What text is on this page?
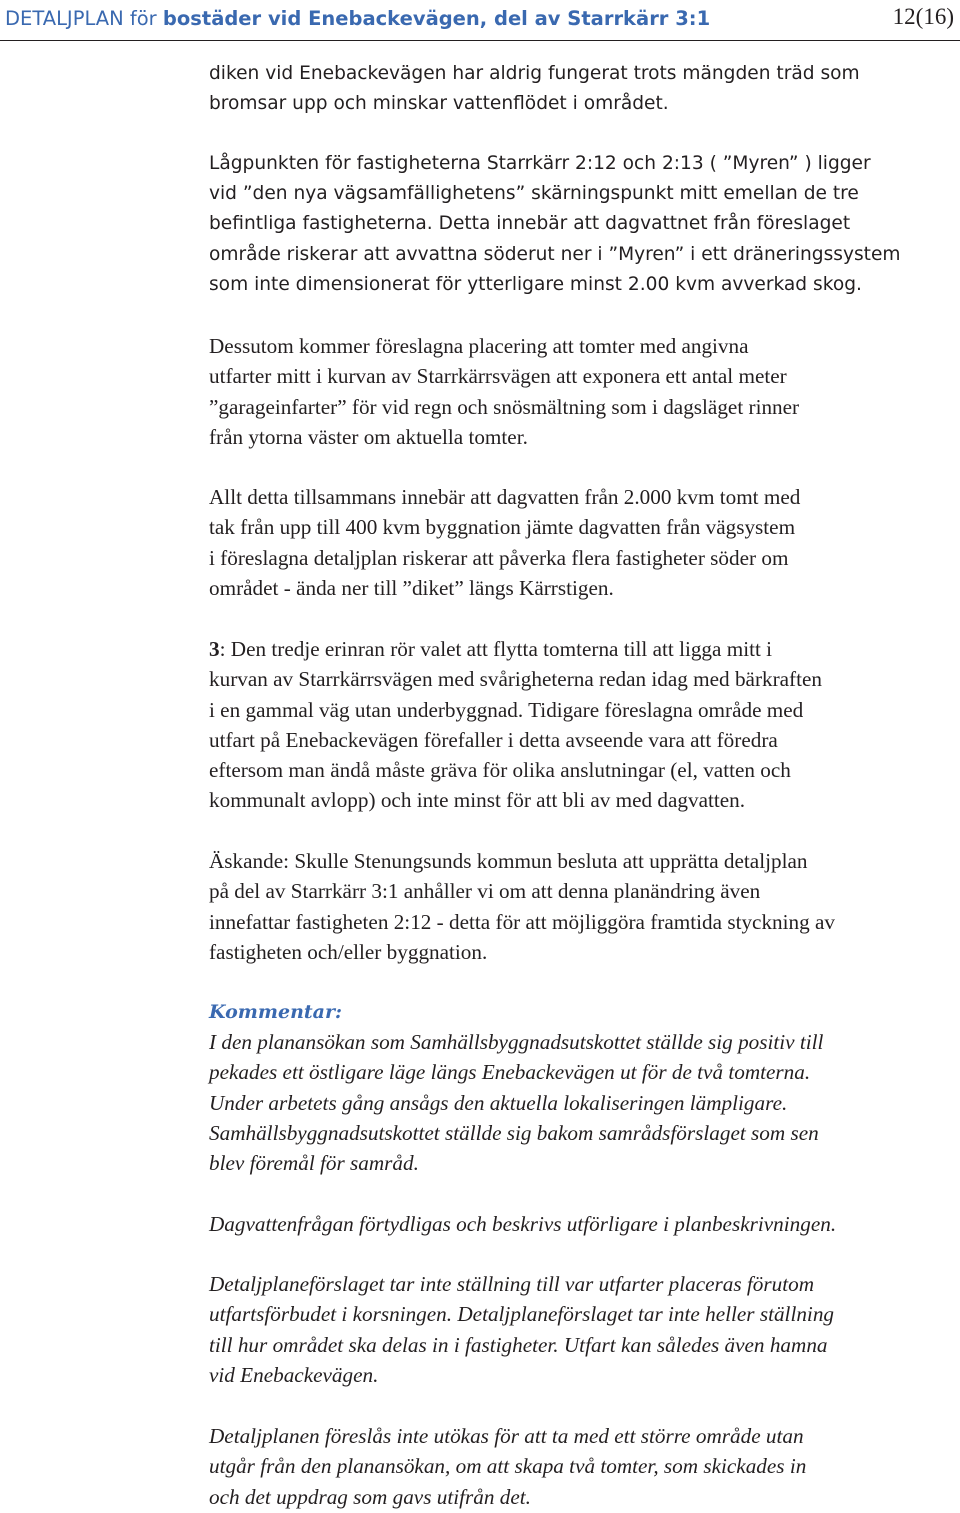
DETALJPLAN för bostäder vid Enebackevägen, del av Starrkärr 3:1	12(16)

diken vid Enebackevägen har aldrig fungerat trots mängden träd som
bromsar upp och minskar vattenflödet i området.

Lågpunkten för fastigheterna Starrkärr 2:12 och 2:13 ( ”Myren” ) ligger
vid ”den nya vägsamfällighetens” skärningspunkt mitt emellan de tre
befintliga fastigheterna. Detta innebär att dagvattnet från föreslaget
område riskerar att avvattna söderut ner i ”Myren” i ett dräneringssystem
som inte dimensionerat för ytterligare minst 2.00 kvm avverkad skog.

Dessutom kommer föreslagna placering att tomter med angivna
utfarter mitt i kurvan av Starrkärrsvägen att exponera ett antal meter
”garageinfarter” för vid regn och snösmältning som i dagsläget rinner
från ytorna väster om aktuella tomter.

Allt detta tillsammans innebär att dagvatten från 2.000 kvm tomt med
tak från upp till 400 kvm byggnation jämte dagvatten från vägsystem
i föreslagna detaljplan riskerar att påverka flera fastigheter söder om
området - ända ner till ”diket” längs Kärrstigen.

3: Den tredje erinran rör valet att flytta tomterna till att ligga mitt i
kurvan av Starrkärrsvägen med svårigheterna redan idag med bärkraften
i en gammal väg utan underbyggnad. Tidigare föreslagna område med
utfart på Enebackevägen förefaller i detta avseende vara att föredra
eftersom man ändå måste gräva för olika anslutningar (el, vatten och
kommunalt avlopp) och inte minst för att bli av med dagvatten.

Äskande: Skulle Stenungsunds kommun besluta att upprätta detaljplan
på del av Starrkärr 3:1 anhåller vi om att denna planändring även
innefattar fastigheten 2:12 - detta för att möjliggöra framtida styckning av
fastigheten och/eller byggnation.

Kommentar:

I den planansökan som Samhällsbyggnadsutskottet ställde sig positiv till
pekades ett östligare läge längs Enebackevägen ut för de två tomterna.
Under arbetets gång ansågs den aktuella lokaliseringen lämpligare.
Samhällsbyggnadsutskottet ställde sig bakom samrådsförslaget som sen
blev föremål för samråd.

Dagvattenfrågan förtydligas och beskrivs utförligare i planbeskrivningen.

Detaljplaneförslaget tar inte ställning till var utfarter placeras förutom
utfartsförbudet i korsningen. Detaljplaneförslaget tar inte heller ställning
till hur området ska delas in i fastigheter. Utfart kan således även hamna
vid Enebackevägen.

Detaljplanen föreslås inte utökas för att ta med ett större område utan
utgår från den planansökan, om att skapa två tomter, som skickades in
och det uppdrag som gavs utifrån det.
